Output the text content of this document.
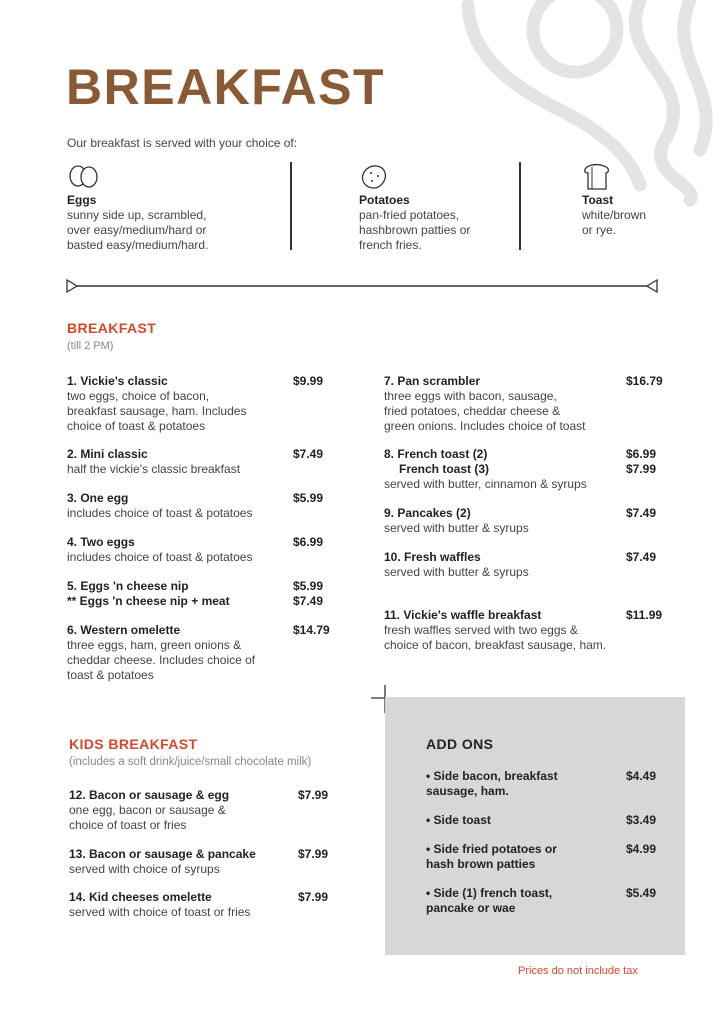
BREAKFAST
Our breakfast is served with your choice of:
Eggs
sunny side up, scrambled,
over easy/medium/hard or
basted easy/medium/hard.
Potatoes
pan-fried potatoes,
hashbrown patties or
french fries.
Toast
white/brown
or rye.
BREAKFAST
(till 2 PM)
1. Vickie's classic	$9.99
two eggs, choice of bacon,
breakfast sausage, ham. Includes
choice of toast & potatoes
2. Mini classic	$7.49
half the vickie's classic breakfast
3. One egg	$5.99
includes choice of toast & potatoes
4. Two eggs	$6.99
includes choice of toast & potatoes
5. Eggs 'n cheese nip	$5.99
** Eggs 'n cheese nip + meat	$7.49
6. Western omelette	$14.79
three eggs, ham, green onions &
cheddar cheese. Includes choice of
toast & potatoes
7. Pan scrambler	$16.79
three eggs with bacon, sausage,
fried potatoes, cheddar cheese &
green onions. Includes choice of toast
8. French toast (2)	$6.99
French toast (3)	$7.99
served with butter, cinnamon & syrups
9. Pancakes (2)	$7.49
served with butter & syrups
10. Fresh waffles	$7.49
served with butter & syrups
11. Vickie's waffle breakfast	$11.99
fresh waffles served with two eggs &
choice of bacon, breakfast sausage, ham.
KIDS BREAKFAST
(includes a soft drink/juice/small chocolate milk)
12. Bacon or sausage & egg	$7.99
one egg, bacon or sausage &
choice of toast or fries
13. Bacon or sausage & pancake	$7.99
served with choice of syrups
14. Kid cheeses omelette	$7.99
served with choice of toast or fries
ADD ONS
• Side bacon, breakfast sausage, ham.
$4.49
• Side toast	$3.49
• Side fried potatoes or hash brown patties
$4.99
• Side (1) french toast, pancake or wae
$5.49
Prices do not include tax
